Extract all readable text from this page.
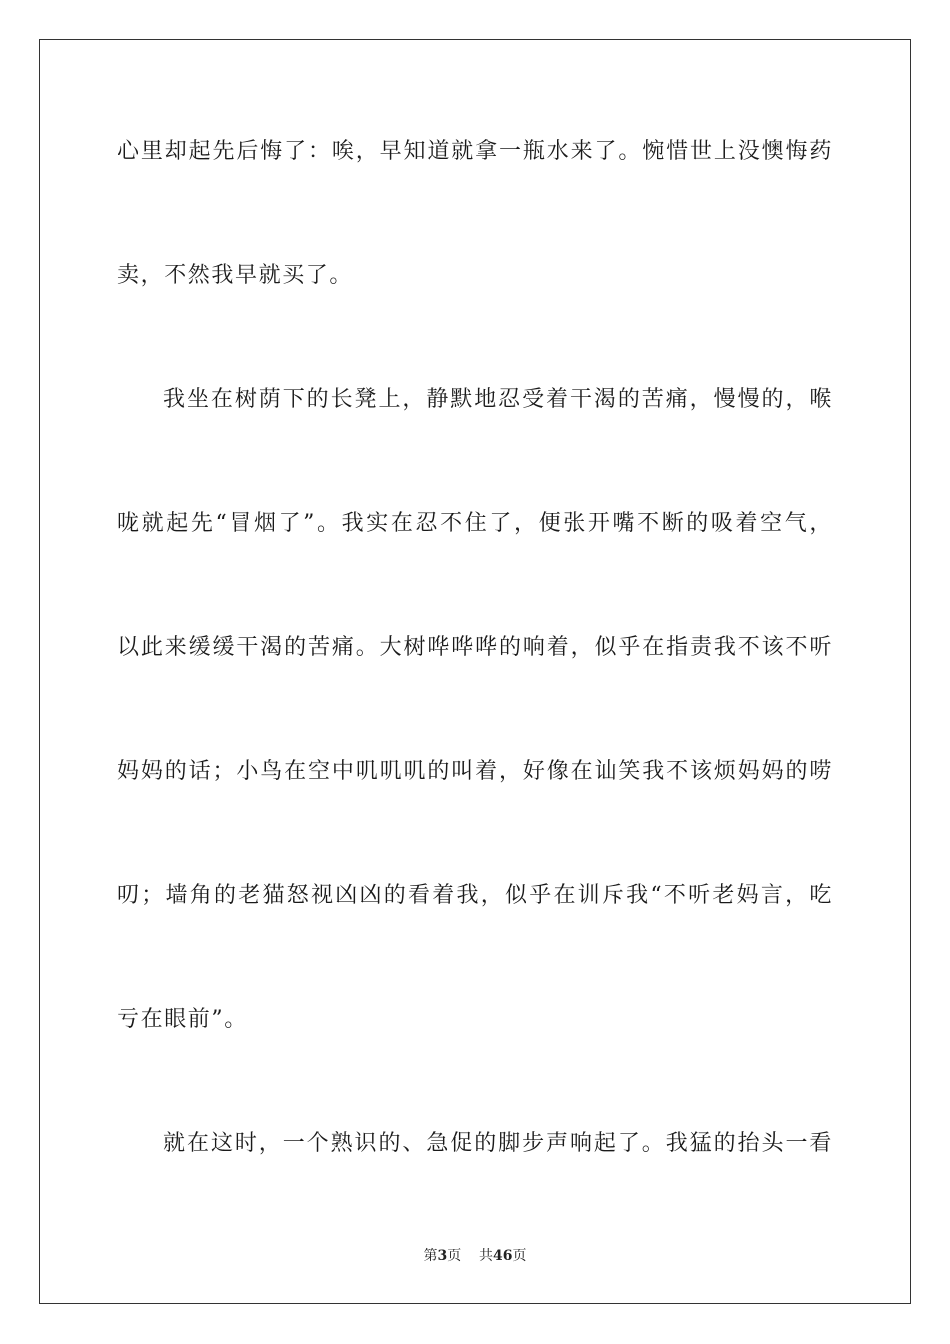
心里却起先后悔了：唉，早知道就拿一瓶水来了。惋惜世上没懊悔药
卖，不然我早就买了。
我坐在树荫下的长凳上，静默地忍受着干渴的苦痛，慢慢的，喉
咙就起先“冒烟了”。我实在忍不住了，便张开嘴不断的吸着空气，
以此来缓缓干渴的苦痛。大树哗哗哗的响着，似乎在指责我不该不听
妈妈的话；小鸟在空中叽叽叽的叫着，好像在讪笑我不该烦妈妈的唠
叨；墙角的老猫怒视凶凶的看着我，似乎在训斥我“不听老妈言，吃
亏在眼前”。
就在这时，一个熟识的、急促的脚步声响起了。我猛的抬头一看
第3页 共46页
